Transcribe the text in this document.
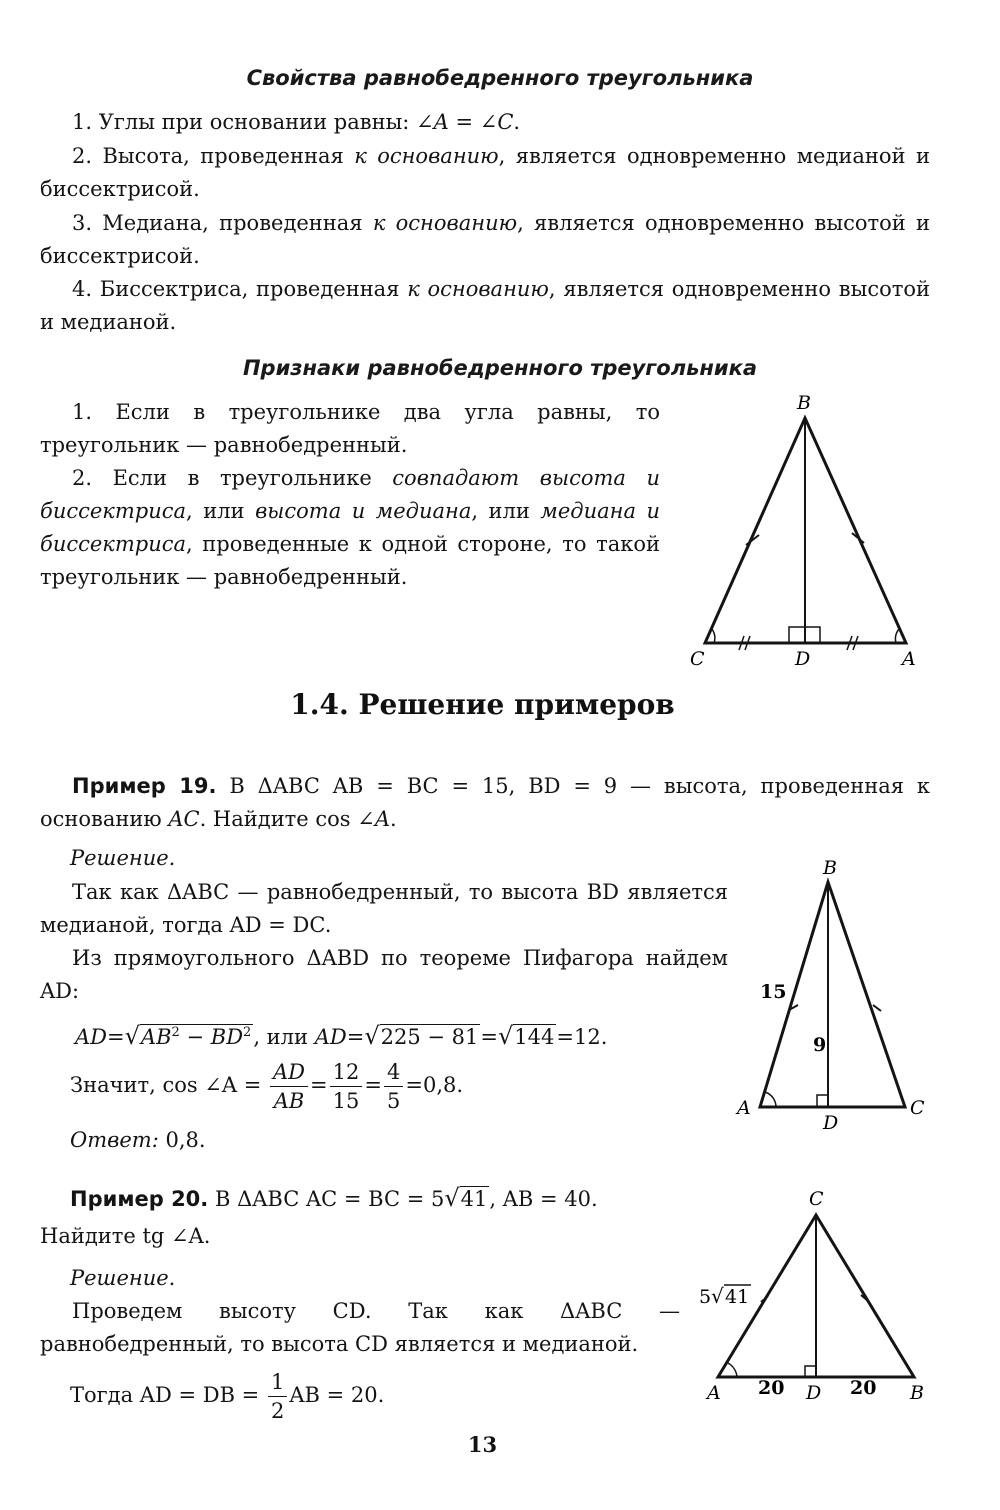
Свойства равнобедренного треугольника

1. Углы при основании равны: ∠A = ∠C.

2. Высота, проведенная к основанию, является одновременно медианой и биссектрисой.

3. Медиана, проведенная к основанию, является одновременно высотой и биссектрисой.

4. Биссектриса, проведенная к основанию, является одновременно высотой и медианой.

Признаки равнобедренного треугольника

1. Если в треугольнике два угла равны, то треугольник — равнобедренный.

2. Если в треугольнике совпадают высота и биссектриса, или высота и медиана, или медиана и биссектриса, проведенные к одной стороне, то такой треугольник — равнобедренный.

B
C	D	A
1.4. Решение примеров

Пример 19. В ΔABC AB = BC = 15, BD = 9 — высота, проведенная к основанию AC. Найдите cos ∠A.

Решение.

Так как ΔABC — равнобедренный, то высота BD является медианой, тогда AD = DC.

Из прямоугольного ΔABD по теореме Пифагора найдем AD:

$AD=√AB^2 - BD^2$, или AD=√225 − 81=√144=12.
Значит, cos ∠A = $\frac{AD}{AB} = \frac{12}{15} = \frac{4}{5} =0,8$.
Ответ: 0,8.
B
A	C
D
15
9
Пример 20. В ΔABC AC = BC = 5√41, AB = 40.
Найдите tg ∠A.
Решение.

Проведем высоту CD. Так как ΔABC — равнобедренный, то высота CD является и медианой.

Тогда AD = DB = $\frac{1}{2}$ AB = 20.
C
A	B
D
20	20
5 √ 41
13
